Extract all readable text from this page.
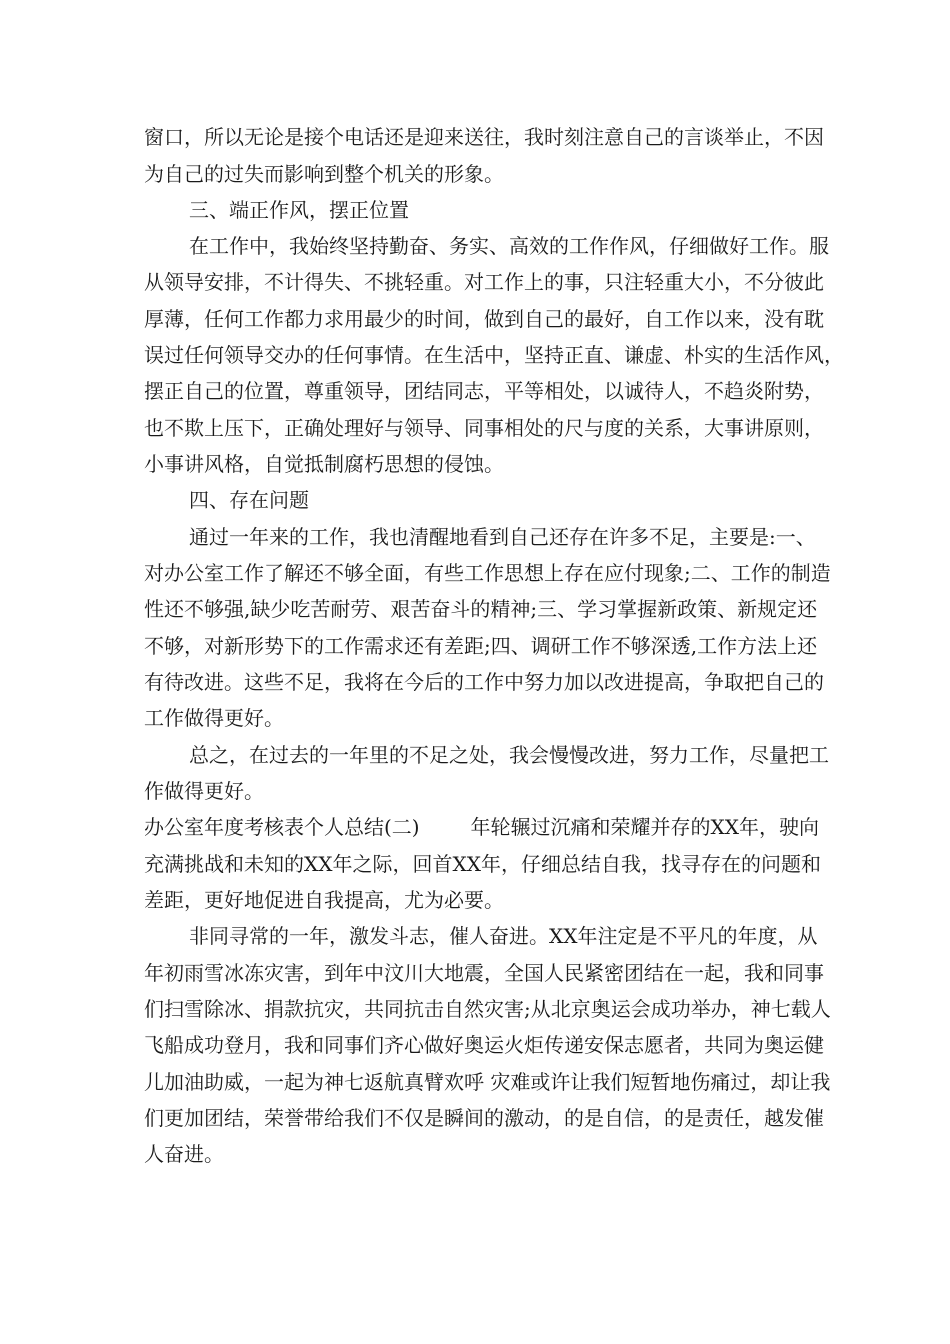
窗口，所以无论是接个电话还是迎来送往，我时刻注意自己的言谈举止，不因
为自己的过失而影响到整个机关的形象。
三、端正作风，摆正位置
在工作中，我始终坚持勤奋、务实、高效的工作作风，仔细做好工作。服
从领导安排，不计得失、不挑轻重。对工作上的事，只注轻重大小，不分彼此
厚薄，任何工作都力求用最少的时间，做到自己的最好，自工作以来，没有耽
误过任何领导交办的任何事情。在生活中，坚持正直、谦虚、朴实的生活作风，
摆正自己的位置，尊重领导，团结同志，平等相处，以诚待人，不趋炎附势，
也不欺上压下，正确处理好与领导、同事相处的尺与度的关系，大事讲原则，
小事讲风格，自觉抵制腐朽思想的侵蚀。
四、存在问题
通过一年来的工作，我也清醒地看到自己还存在许多不足，主要是:一、
对办公室工作了解还不够全面，有些工作思想上存在应付现象;二、工作的制造
性还不够强,缺少吃苦耐劳、艰苦奋斗的精神;三、学习掌握新政策、新规定还
不够，对新形势下的工作需求还有差距;四、调研工作不够深透,工作方法上还
有待改进。这些不足，我将在今后的工作中努力加以改进提高，争取把自己的
工作做得更好。
总之，在过去的一年里的不足之处，我会慢慢改进，努力工作，尽量把工
作做得更好。
办公室年度考核表个人总结(二)        年轮辗过沉痛和荣耀并存的XX年，驶向
充满挑战和未知的XX年之际，回首XX年，仔细总结自我，找寻存在的问题和
差距，更好地促进自我提高，尤为必要。
非同寻常的一年，激发斗志，催人奋进。XX年注定是不平凡的年度，从
年初雨雪冰冻灾害，到年中汶川大地震，全国人民紧密团结在一起，我和同事
们扫雪除冰、捐款抗灾，共同抗击自然灾害;从北京奥运会成功举办，神七载人
飞船成功登月，我和同事们齐心做好奥运火炬传递安保志愿者，共同为奥运健
儿加油助威，一起为神七返航真臂欢呼 灾难或许让我们短暂地伤痛过，却让我
们更加团结，荣誉带给我们不仅是瞬间的激动，的是自信，的是责任，越发催
人奋进。
